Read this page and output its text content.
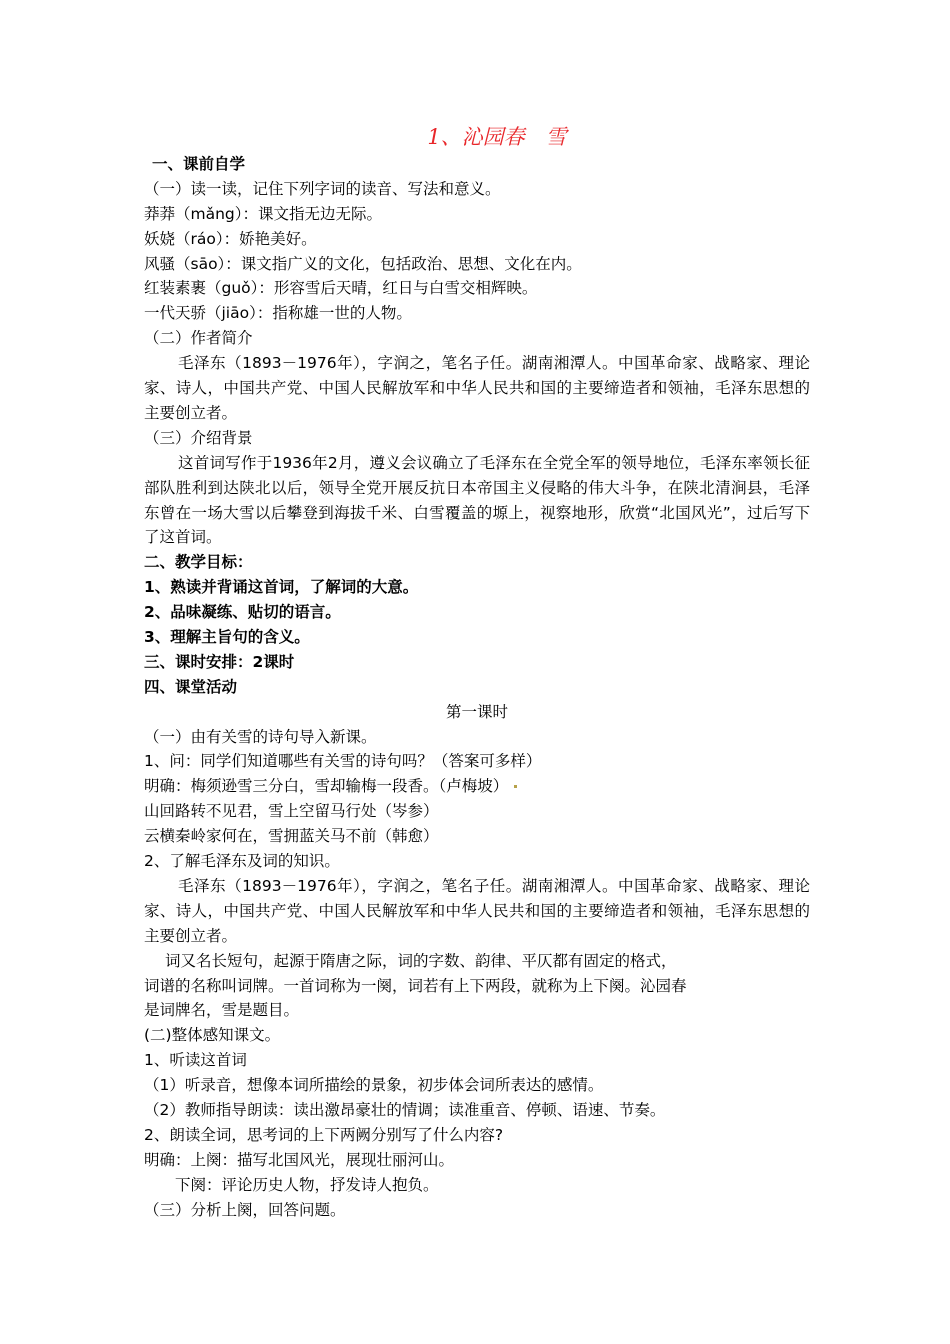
1、沁园春　雪
一、课前自学
（一）读一读，记住下列字词的读音、写法和意义。
莽莽（mǎng）：课文指无边无际。
妖娆（ráo）：娇艳美好。
风骚（sāo）：课文指广义的文化，包括政治、思想、文化在内。
红装素裹（guǒ）：形容雪后天晴，红日与白雪交相辉映。
一代天骄（jiāo）：指称雄一世的人物。
（二）作者简介

毛泽东（1893－1976年），字润之，笔名子任。湖南湘潭人。中国革命家、战略家、理论家、诗人，中国共产党、中国人民解放军和中华人民共和国的主要缔造者和领袖，毛泽东思想的主要创立者。

（三）介绍背景

这首词写作于1936年2月，遵义会议确立了毛泽东在全党全军的领导地位，毛泽东率领长征部队胜利到达陕北以后，领导全党开展反抗日本帝国主义侵略的伟大斗争，在陕北清涧县，毛泽东曾在一场大雪以后攀登到海拔千米、白雪覆盖的塬上，视察地形，欣赏“北国风光”，过后写下了这首词。

二、教学目标：
1、熟读并背诵这首词，了解词的大意。
2、品味凝练、贴切的语言。
3、理解主旨句的含义。
三、课时安排：2课时
四、课堂活动
第一课时
（一）由有关雪的诗句导入新课。
1、问：同学们知道哪些有关雪的诗句吗？（答案可多样）
明确：梅须逊雪三分白，雪却输梅一段香。（卢梅坡）
山回路转不见君，雪上空留马行处（岑参）
云横秦岭家何在，雪拥蓝关马不前（韩愈）
2、了解毛泽东及词的知识。

毛泽东（1893－1976年），字润之，笔名子任。湖南湘潭人。中国革命家、战略家、理论家、诗人，中国共产党、中国人民解放军和中华人民共和国的主要缔造者和领袖，毛泽东思想的主要创立者。

词又名长短句，起源于隋唐之际，词的字数、韵律、平仄都有固定的格式，
词谱的名称叫词牌。一首词称为一阕，词若有上下两段，就称为上下阕。沁园春
是词牌名，雪是题目。
(二)整体感知课文。
1、听读这首词
（1）听录音，想像本词所描绘的景象，初步体会词所表达的感情。
（2）教师指导朗读：读出激昂豪壮的情调；读准重音、停顿、语速、节奏。
2、朗读全词，思考词的上下两阙分别写了什么内容?
明确：上阕：描写北国风光，展现壮丽河山。
下阕：评论历史人物，抒发诗人抱负。
（三）分析上阕，回答问题。
